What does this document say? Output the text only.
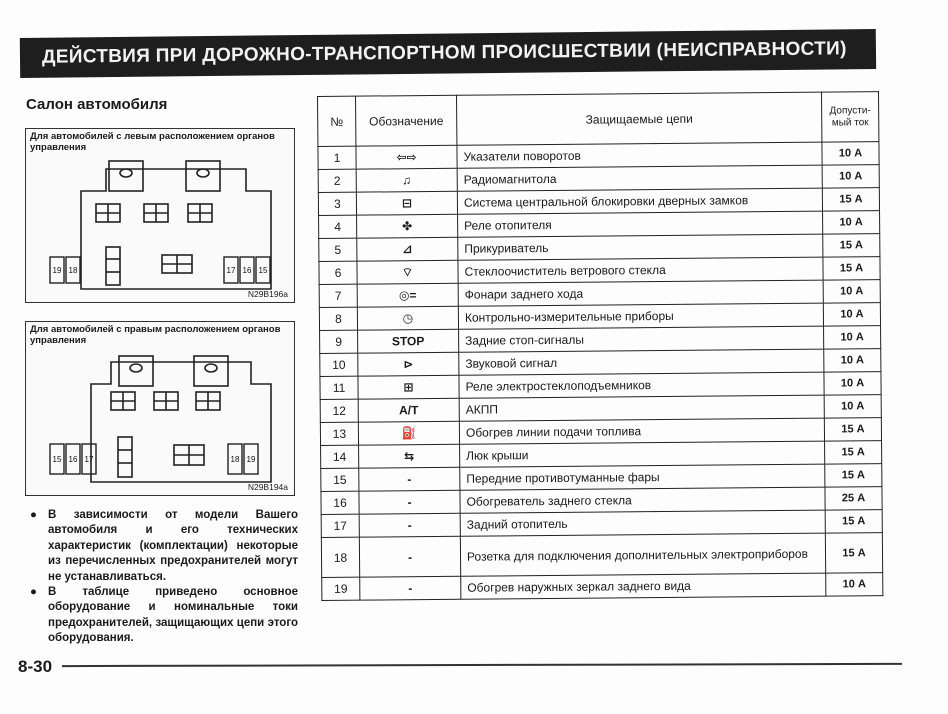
ДЕЙСТВИЯ ПРИ ДОРОЖНО-ТРАНСПОРТНОМ ПРОИСШЕСТВИИ (НЕИСПРАВНОСТИ)
Салон автомобиля
Для автомобилей с левым расположением органов управления
19 18	17 16 15
N29B196a
Для автомобилей с правым расположением органов управления
15 16 17	18 19
N29B194a
● В зависимости от модели Вашего автомобиля и его технических характеристик (комплектации) некоторые из перечисленных предохранителей могут не устанавливаться.
● В таблице приведено основное оборудование и номинальные токи предохранителей, защищающих цепи этого оборудования.
№	Обозначение	Защищаемые цепи	Допусти-мый ток
1	⇦⇨	Указатели поворотов	10 А
2	♫	Радиомагнитола	10 А
3	⊟	Система центральной блокировки дверных замков	15 А
4	✤	Реле отопителя	10 А
5	⊿	Прикуриватель	15 А
6	⌔	Стеклоочиститель ветрового стекла	15 А
7	◎=	Фонари заднего хода	10 А
8	◷	Контрольно-измерительные приборы	10 А
9	STOP	Задние стоп-сигналы	10 А
10	⊳	Звуковой сигнал	10 А
11	⊞	Реле электростеклоподъемников	10 А
12	A/T	АКПП	10 А
13	⛽	Обогрев линии подачи топлива	15 А
14	⇆	Люк крыши	15 А
15	-	Передние противотуманные фары	15 А
16	-	Обогреватель заднего стекла	25 А
17	-	Задний отопитель	15 А
18	-	Розетка для подключения дополнительных электроприборов	15 А
19	-	Обогрев наружных зеркал заднего вида	10 А
8-30
